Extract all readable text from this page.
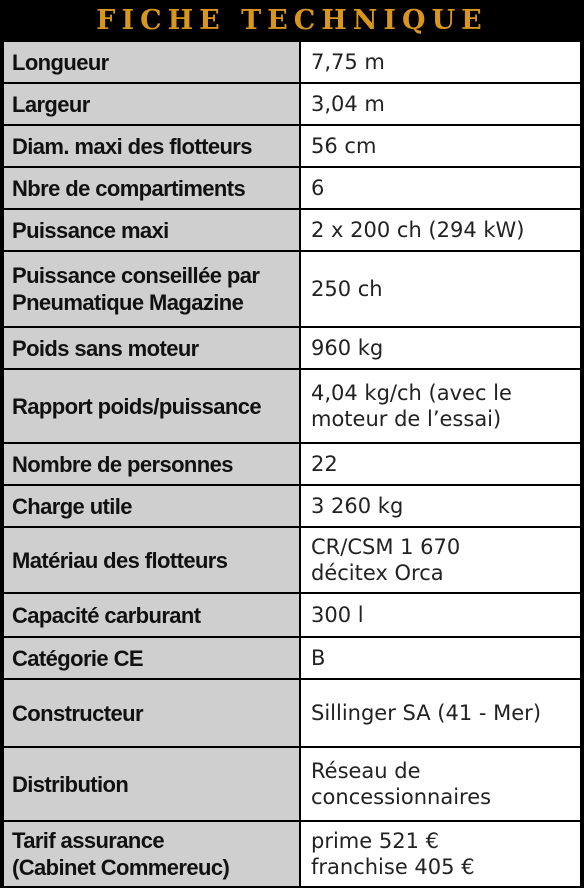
FICHE TECHNIQUE
Longueur	7,75 m
Largeur	3,04 m
Diam. maxi des flotteurs	56 cm
Nbre de compartiments	6
Puissance maxi	2 x 200 ch (294 kW)
Puissance conseillée par
Pneumatique Magazine	250 ch
Poids sans moteur	960 kg
Rapport poids/puissance	4,04 kg/ch (avec le
moteur de l’essai)
Nombre de personnes	22
Charge utile	3 260 kg
Matériau des flotteurs	CR/CSM 1 670
décitex Orca
Capacité carburant	300 l
Catégorie CE	B
Constructeur	Sillinger SA (41 - Mer)
Distribution	Réseau de
concessionnaires
Tarif assurance
(Cabinet Commereuc)	prime 521 €
franchise 405 €
